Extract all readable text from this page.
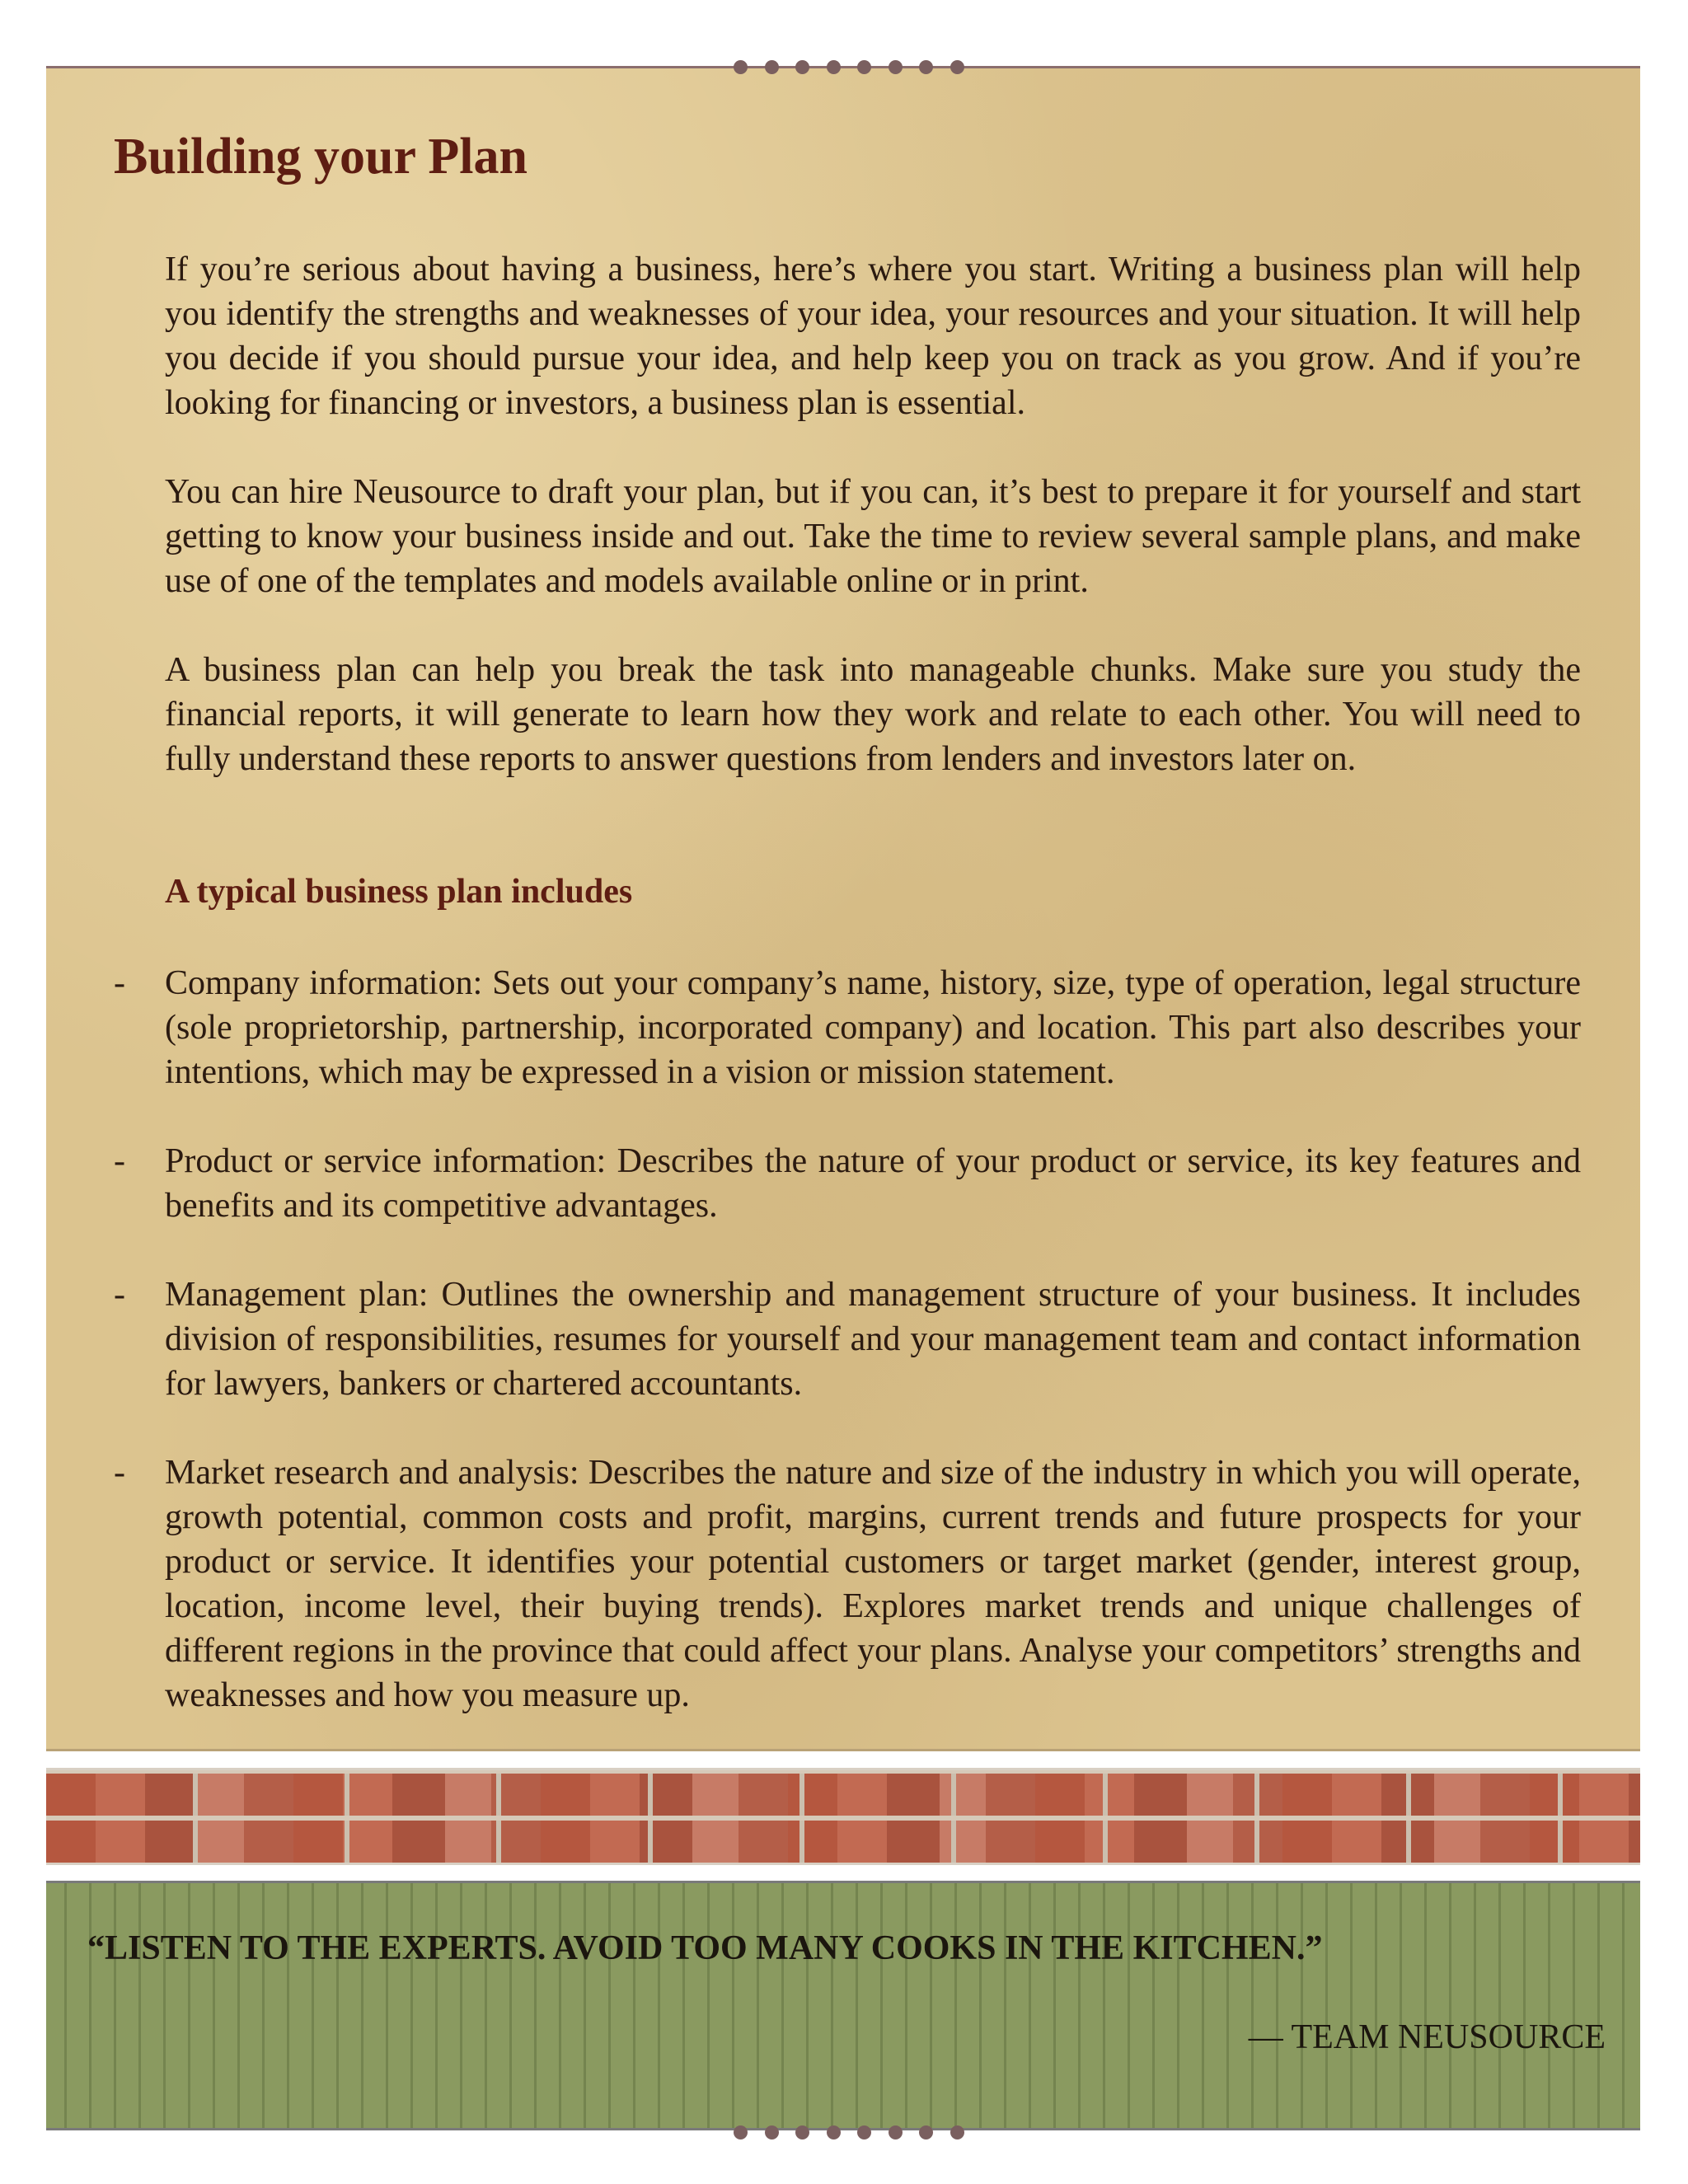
Building your Plan

If you’re serious about having a business, here’s where you start. Writing a business plan will help you identify the strengths and weaknesses of your idea, your resources and your situation. It will help you decide if you should pursue your idea, and help keep you on track as you grow. And if you’re looking for financing or investors, a business plan is essential.

You can hire Neusource to draft your plan, but if you can, it’s best to prepare it for yourself and start getting to know your business inside and out. Take the time to review several sample plans, and make use of one of the templates and models available online or in print.

A business plan can help you break the task into manageable chunks. Make sure you study the financial reports, it will generate to learn how they work and relate to each other. You will need to fully understand these reports to answer questions from lenders and investors later on.

A typical business plan includes
-	Company information: Sets out your company’s name, history, size, type of operation, legal structure (sole proprietorship, partnership, incorporated company) and location. This part also describes your intentions, which may be expressed in a vision or mission statement.
-	Product or service information: Describes the nature of your product or service, its key features and benefits and its competitive advantages.
-	Management plan: Outlines the ownership and management structure of your business. It includes division of responsibilities, resumes for yourself and your management team and contact information for lawyers, bankers or chartered accountants.
-	Market research and analysis: Describes the nature and size of the industry in which you will operate, growth potential, common costs and profit, margins, current trends and future prospects for your product or service. It identifies your potential customers or target market (gender, interest group, location, income level, their buying trends). Explores market trends and unique challenges of different regions in the province that could affect your plans. Analyse your competitors’ strengths and weaknesses and how you measure up.

“LISTEN TO THE EXPERTS. AVOID TOO MANY COOKS IN THE KITCHEN.”

— TEAM NEUSOURCE
